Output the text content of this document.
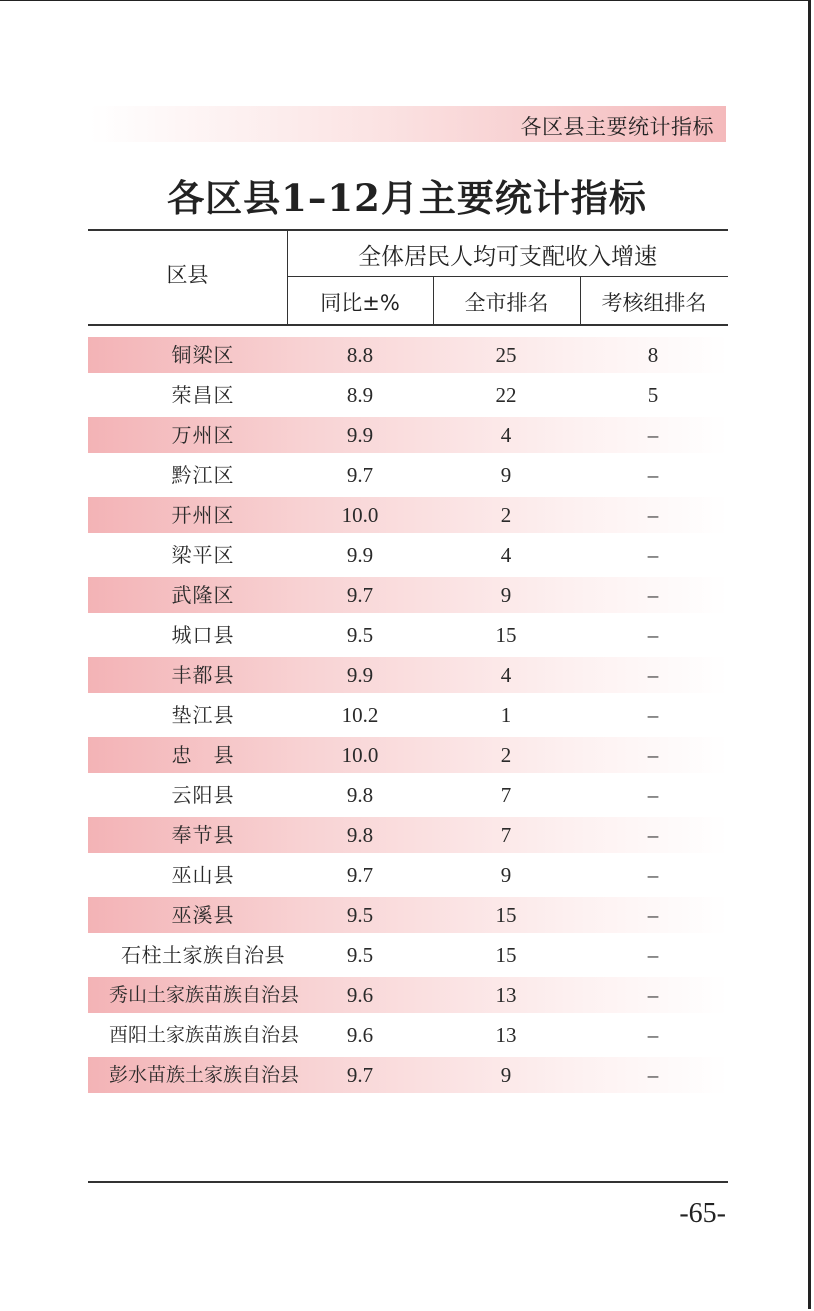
各区县主要统计指标
各区县1–12月主要统计指标
区县
全体居民人均可支配收入增速
同比±%	全市排名	考核组排名
铜梁区	8.8	25	8
荣昌区	8.9	22	5
万州区	9.9	4	–
黔江区	9.7	9	–
开州区	10.0	2	–
梁平区	9.9	4	–
武隆区	9.7	9	–
城口县	9.5	15	–
丰都县	9.9	4	–
垫江县	10.2	1	–
忠　县	10.0	2	–
云阳县	9.8	7	–
奉节县	9.8	7	–
巫山县	9.7	9	–
巫溪县	9.5	15	–
石柱土家族自治县	9.5	15	–
秀山土家族苗族自治县	9.6	13	–
酉阳土家族苗族自治县	9.6	13	–
彭水苗族土家族自治县	9.7	9	–
-65-
